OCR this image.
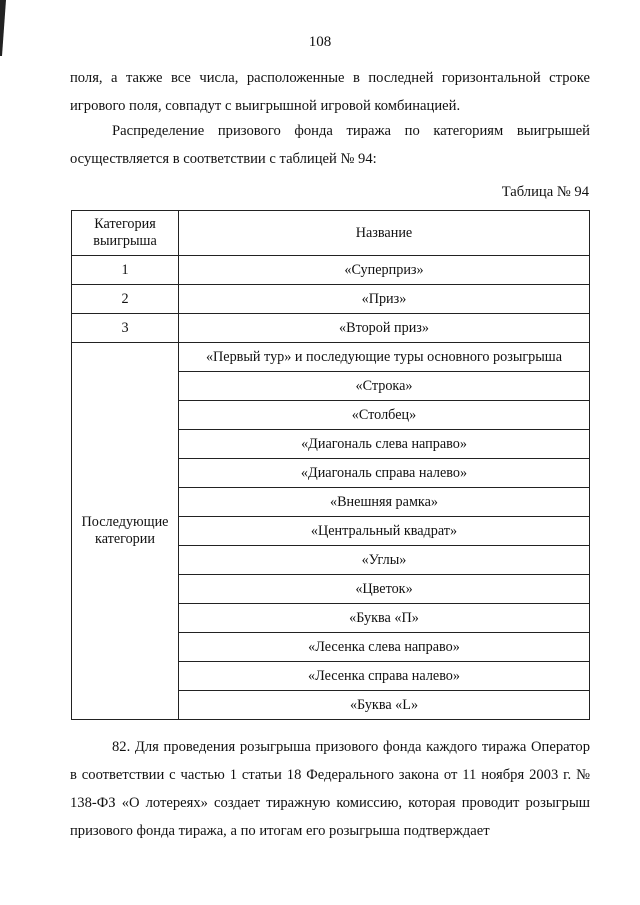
108

поля, а также все числа, расположенные в последней горизонтальной строке игрового поля, совпадут с выигрышной игровой комбинацией.

Распределение призового фонда тиража по категориям выигрышей осуществляется в соответствии с таблицей № 94:

Таблица № 94
Категория выигрыша	Название
1	«Суперприз»
2	«Приз»
3	«Второй приз»
Последующие категории	«Первый тур» и последующие туры основного розыгрыша
	«Строка»
	«Столбец»
	«Диагональ слева направо»
	«Диагональ справа налево»
	«Внешняя рамка»
	«Центральный квадрат»
	«Углы»
	«Цветок»
	«Буква «П»
	«Лесенка слева направо»
	«Лесенка справа налево»
	«Буква «L»

82. Для проведения розыгрыша призового фонда каждого тиража Оператор в соответствии с частью 1 статьи 18 Федерального закона от 11 ноября 2003 г. № 138-ФЗ «О лотереях» создает тиражную комиссию, которая проводит розыгрыш призового фонда тиража, а по итогам его розыгрыша подтверждает
